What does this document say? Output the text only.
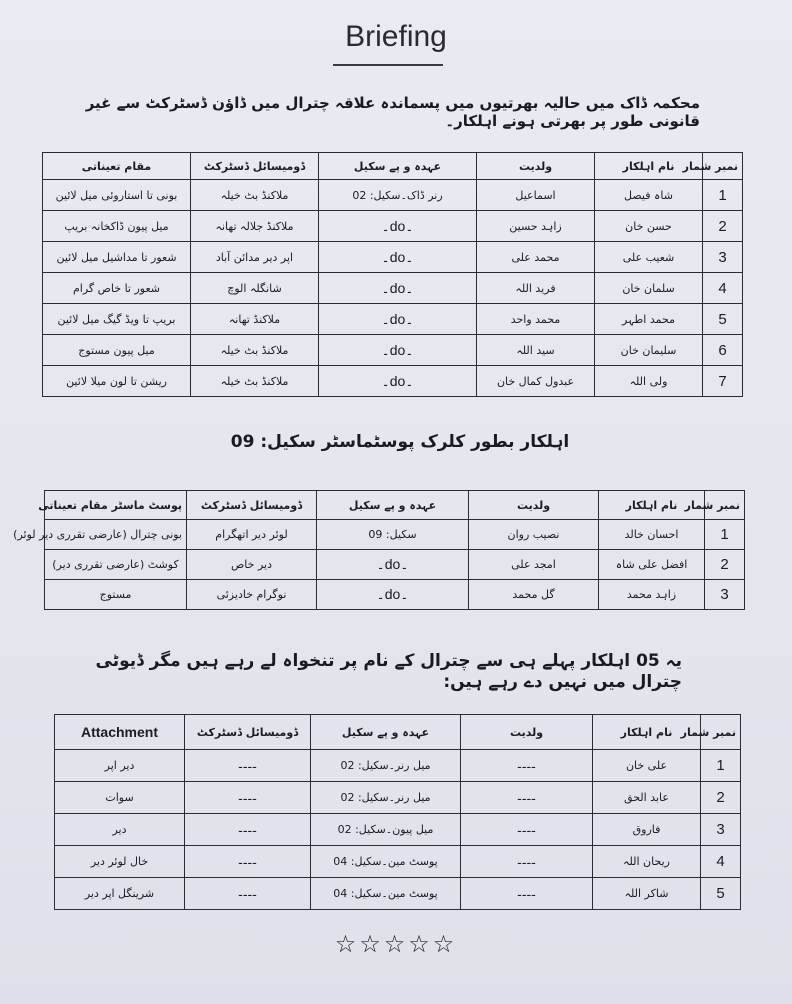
Briefing
محکمہ ڈاک میں حالیہ بھرتیوں میں پسماندہ علاقہ چترال میں ڈاؤن ڈسٹرکٹ سے غیر قانونی طور پر بھرتی ہونے اہلکار۔
نمبر شمار	نام اہلکار	ولدیت	عہدہ و پے سکیل	ڈومیسائل ڈسٹرکٹ	مقام تعیناتی
1	شاہ فیصل	اسماعیل	رنر ڈاک۔سکیل: 02	ملاکنڈ بٹ خیلہ	بونی تا استاروئی میل لائین
2	حسن خان	زاہد حسین	۔do۔	ملاکنڈ جلالہ تھانہ	میل پیون ڈاکخانہ بریپ
3	شعیب علی	محمد علی	۔do۔	اپر دیر مدائن آباد	شعور تا مداشیل میل لائین
4	سلمان خان	فرید اللہ	۔do۔	شانگلہ الوچ	شعور تا خاص گرام
5	محمد اطہر	محمد واحد	۔do۔	ملاکنڈ تھانہ	بریپ تا ویڈ گیگ میل لائین
6	سلیمان خان	سید اللہ	۔do۔	ملاکنڈ بٹ خیلہ	میل پیون مستوج
7	ولی اللہ	عبدول کمال خان	۔do۔	ملاکنڈ بٹ خیلہ	ریشن تا لون میلا لائین
اہلکار بطور کلرک پوسٹماسٹر سکیل: 09
نمبر شمار	نام اہلکار	ولدیت	عہدہ و پے سکیل	ڈومیسائل ڈسٹرکٹ	پوسٹ ماسٹر مقام تعیناتی
1	احسان خالد	نصیب روان	سکیل: 09	لوئر دیر اتھگرام	بونی چترال (عارضی تقرری دیر لوئر)
2	افضل علی شاہ	امجد علی	۔do۔	دیر خاص	کوشٹ (عارضی تقرری دیر)
3	زاہد محمد	گل محمد	۔do۔	نوگرام خادیزئی	مستوج
یہ 05 اہلکار پہلے ہی سے چترال کے نام پر تنخواہ لے رہے ہیں مگر ڈیوٹی چترال میں نہیں دے رہے ہیں:
نمبر شمار	نام اہلکار	ولدیت	عہدہ و پے سکیل	ڈومیسائل ڈسٹرکٹ	Attachment
1	علی خان	----	میل رنر۔سکیل: 02	----	دیر اپر
2	عابد الحق	----	میل رنر۔سکیل: 02	----	سوات
3	فاروق	----	میل پیون۔سکیل: 02	----	دیر
4	ریحان اللہ	----	پوسٹ مین۔سکیل: 04	----	خال لوئر دیر
5	شاکر اللہ	----	پوسٹ مین۔سکیل: 04	----	شرینگل اپر دیر
☆☆☆☆☆
